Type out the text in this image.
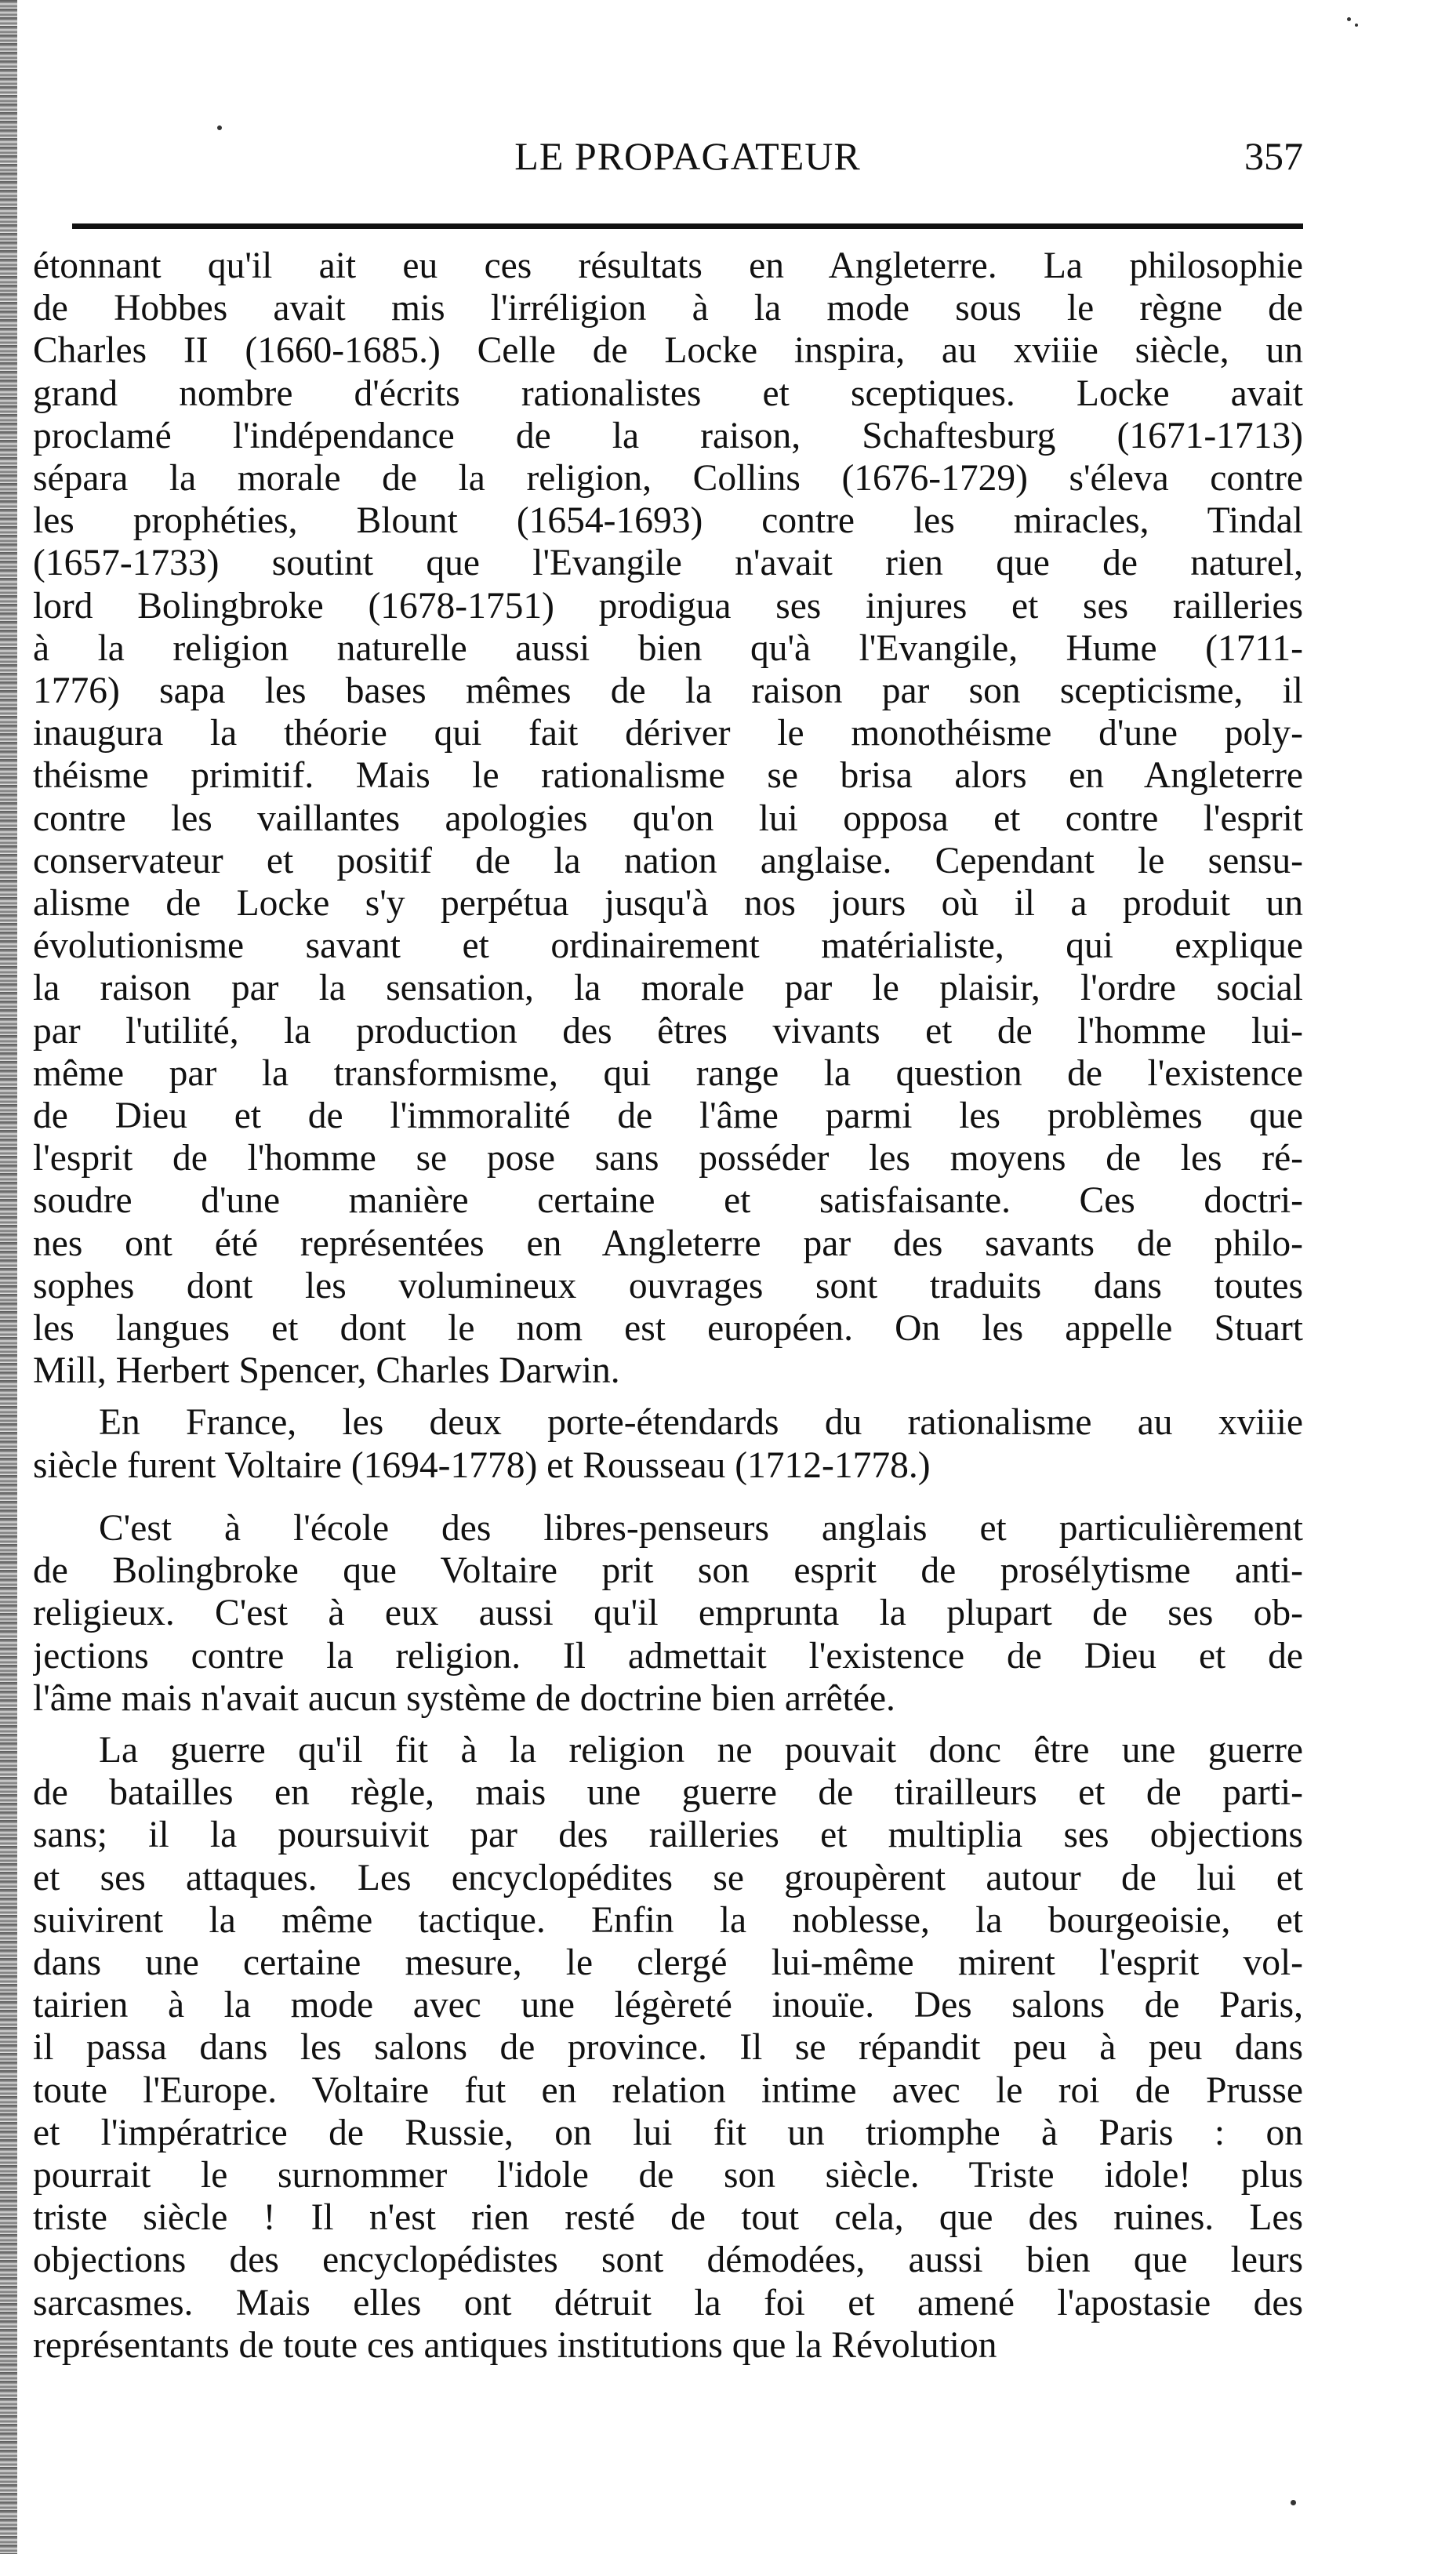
LE PROPAGATEUR	357

étonnant qu'il ait eu ces résultats en Angleterre. La philosophie
de Hobbes avait mis l'irréligion à la mode sous le règne de
Charles II (1660-1685.) Celle de Locke inspira, au xviiie siècle, un
grand nombre d'écrits rationalistes et sceptiques. Locke avait
proclamé l'indépendance de la raison, Schaftesburg (1671-1713)
sépara la morale de la religion, Collins (1676-1729) s'éleva contre
les prophéties, Blount (1654-1693) contre les miracles, Tindal
(1657-1733) soutint que l'Evangile n'avait rien que de naturel,
lord Bolingbroke (1678-1751) prodigua ses injures et ses railleries
à la religion naturelle aussi bien qu'à l'Evangile, Hume (1711-
1776) sapa les bases mêmes de la raison par son scepticisme, il
inaugura la théorie qui fait dériver le monothéisme d'une poly-
théisme primitif. Mais le rationalisme se brisa alors en Angleterre
contre les vaillantes apologies qu'on lui opposa et contre l'esprit
conservateur et positif de la nation anglaise. Cependant le sensu-
alisme de Locke s'y perpétua jusqu'à nos jours où il a produit un
évolutionisme savant et ordinairement matérialiste, qui explique
la raison par la sensation, la morale par le plaisir, l'ordre social
par l'utilité, la production des êtres vivants et de l'homme lui-
même par la transformisme, qui range la question de l'existence
de Dieu et de l'immoralité de l'âme parmi les problèmes que
l'esprit de l'homme se pose sans posséder les moyens de les ré-
soudre d'une manière certaine et satisfaisante. Ces doctri-
nes ont été représentées en Angleterre par des savants de philo-
sophes dont les volumineux ouvrages sont traduits dans toutes
les langues et dont le nom est européen. On les appelle Stuart
Mill, Herbert Spencer, Charles Darwin.

En France, les deux porte-étendards du rationalisme au xviiie
siècle furent Voltaire (1694-1778) et Rousseau (1712-1778.)

C'est à l'école des libres-penseurs anglais et particulièrement
de Bolingbroke que Voltaire prit son esprit de prosélytisme anti-
religieux. C'est à eux aussi qu'il emprunta la plupart de ses ob-
jections contre la religion. Il admettait l'existence de Dieu et de
l'âme mais n'avait aucun système de doctrine bien arrêtée.

La guerre qu'il fit à la religion ne pouvait donc être une guerre
de batailles en règle, mais une guerre de tirailleurs et de parti-
sans; il la poursuivit par des railleries et multiplia ses objections
et ses attaques. Les encyclopédites se groupèrent autour de lui et
suivirent la même tactique. Enfin la noblesse, la bourgeoisie, et
dans une certaine mesure, le clergé lui-même mirent l'esprit vol-
tairien à la mode avec une légèreté inouïe. Des salons de Paris,
il passa dans les salons de province. Il se répandit peu à peu dans
toute l'Europe. Voltaire fut en relation intime avec le roi de Prusse
et l'impératrice de Russie, on lui fit un triomphe à Paris : on
pourrait le surnommer l'idole de son siècle. Triste idole! plus
triste siècle ! Il n'est rien resté de tout cela, que des ruines. Les
objections des encyclopédistes sont démodées, aussi bien que leurs
sarcasmes. Mais elles ont détruit la foi et amené l'apostasie des
représentants de toute ces antiques institutions que la Révolution
